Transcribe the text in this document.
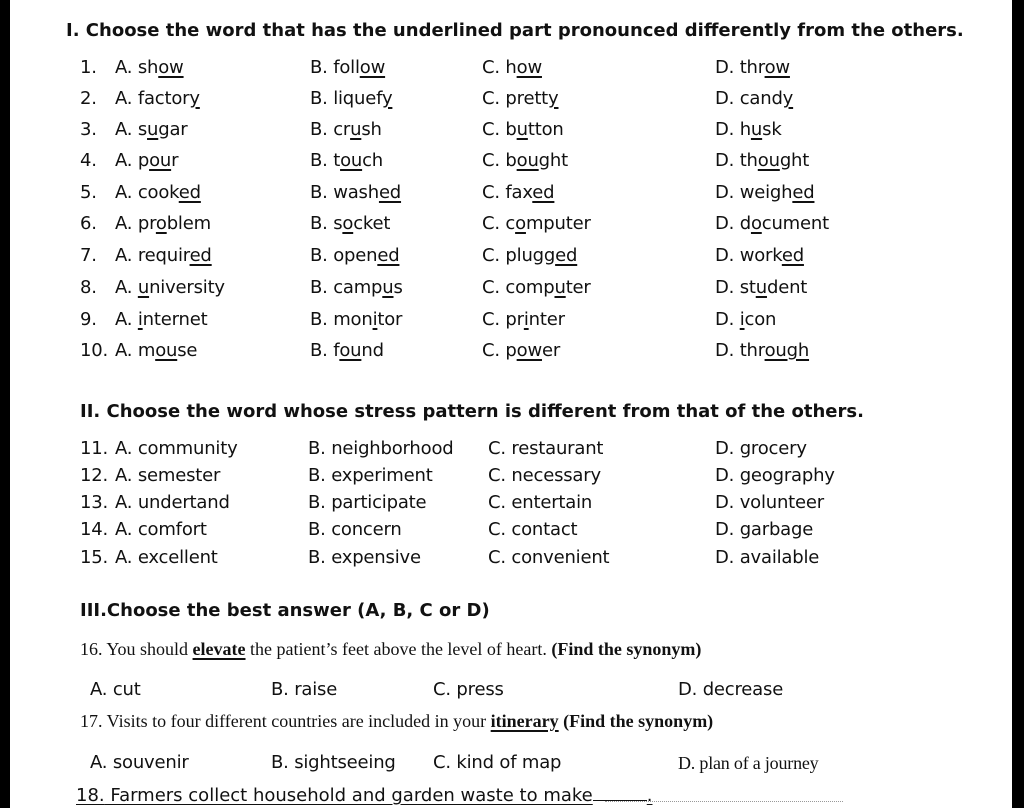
I. Choose the word that has the underlined part pronounced differently from the others.
1. A. show	B. follow	C. how	D. throw
2. A. factory	B. liquefy	C. pretty	D. candy
3. A. sugar	B. crush	C. button	D. husk
4. A. pour	B. touch	C. bought	D. thought
5. A. cooked	B. washed	C. faxed	D. weighed
6. A. problem	B. socket	C. computer	D. document
7. A. required	B. opened	C. plugged	D. worked
8. A. university	B. campus	C. computer	D. student
9. A. internet	B. monitor	C. printer	D. icon
10. A. mouse	B. found	C. power	D. through
II. Choose the word whose stress pattern is different from that of the others.
11. A. community	B. neighborhood C. restaurant	D. grocery
12. A. semester	B. experiment	C. necessary	D. geography
13. A. undertand	B. participate	C. entertain	D. volunteer
14. A. comfort	B. concern	C. contact	D. garbage
15. A. excellent	B. expensive	C. convenient	D. available
III.Choose the best answer (A, B, C or D)
16. You should elevate the patient’s feet above the level of heart. (Find the synonym)
A. cut	B. raise	C. press	D. decrease
17. Visits to four different countries are included in your itinerary (Find the synonym)
A. souvenir	B. sightseeing C. kind of map	D. plan of a journey
18. Farmers collect household and garden waste to make	.
